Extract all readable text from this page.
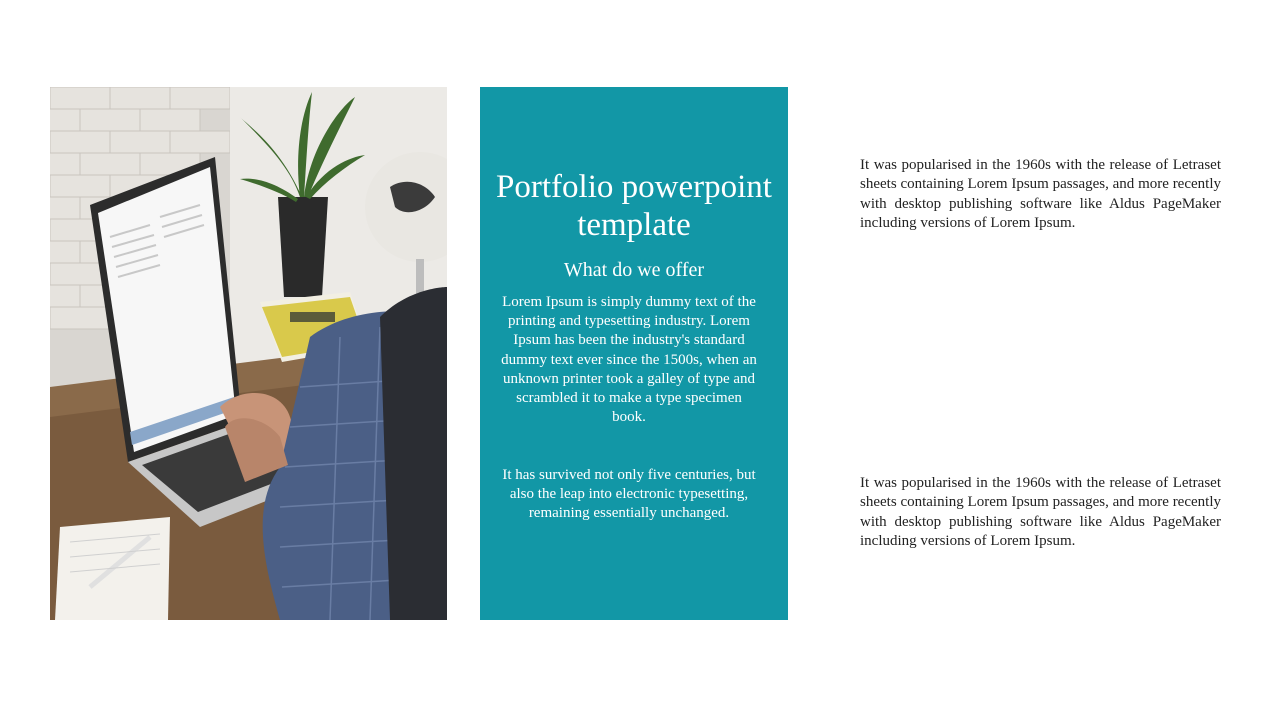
Portfolio powerpoint template
What do we offer
Lorem Ipsum is simply dummy text of the printing and typesetting industry. Lorem Ipsum has been the industry's standard dummy text ever since the 1500s, when an unknown printer took a galley of type and scrambled it to make a type specimen book.
It has survived not only five centuries, but also the leap into electronic typesetting, remaining essentially unchanged.
It was popularised in the 1960s with the release of Letraset sheets containing Lorem Ipsum passages, and more recently with desktop publishing software like Aldus PageMaker including versions of Lorem Ipsum.
It was popularised in the 1960s with the release of Letraset sheets containing Lorem Ipsum passages, and more recently with desktop publishing software like Aldus PageMaker including versions of Lorem Ipsum.
